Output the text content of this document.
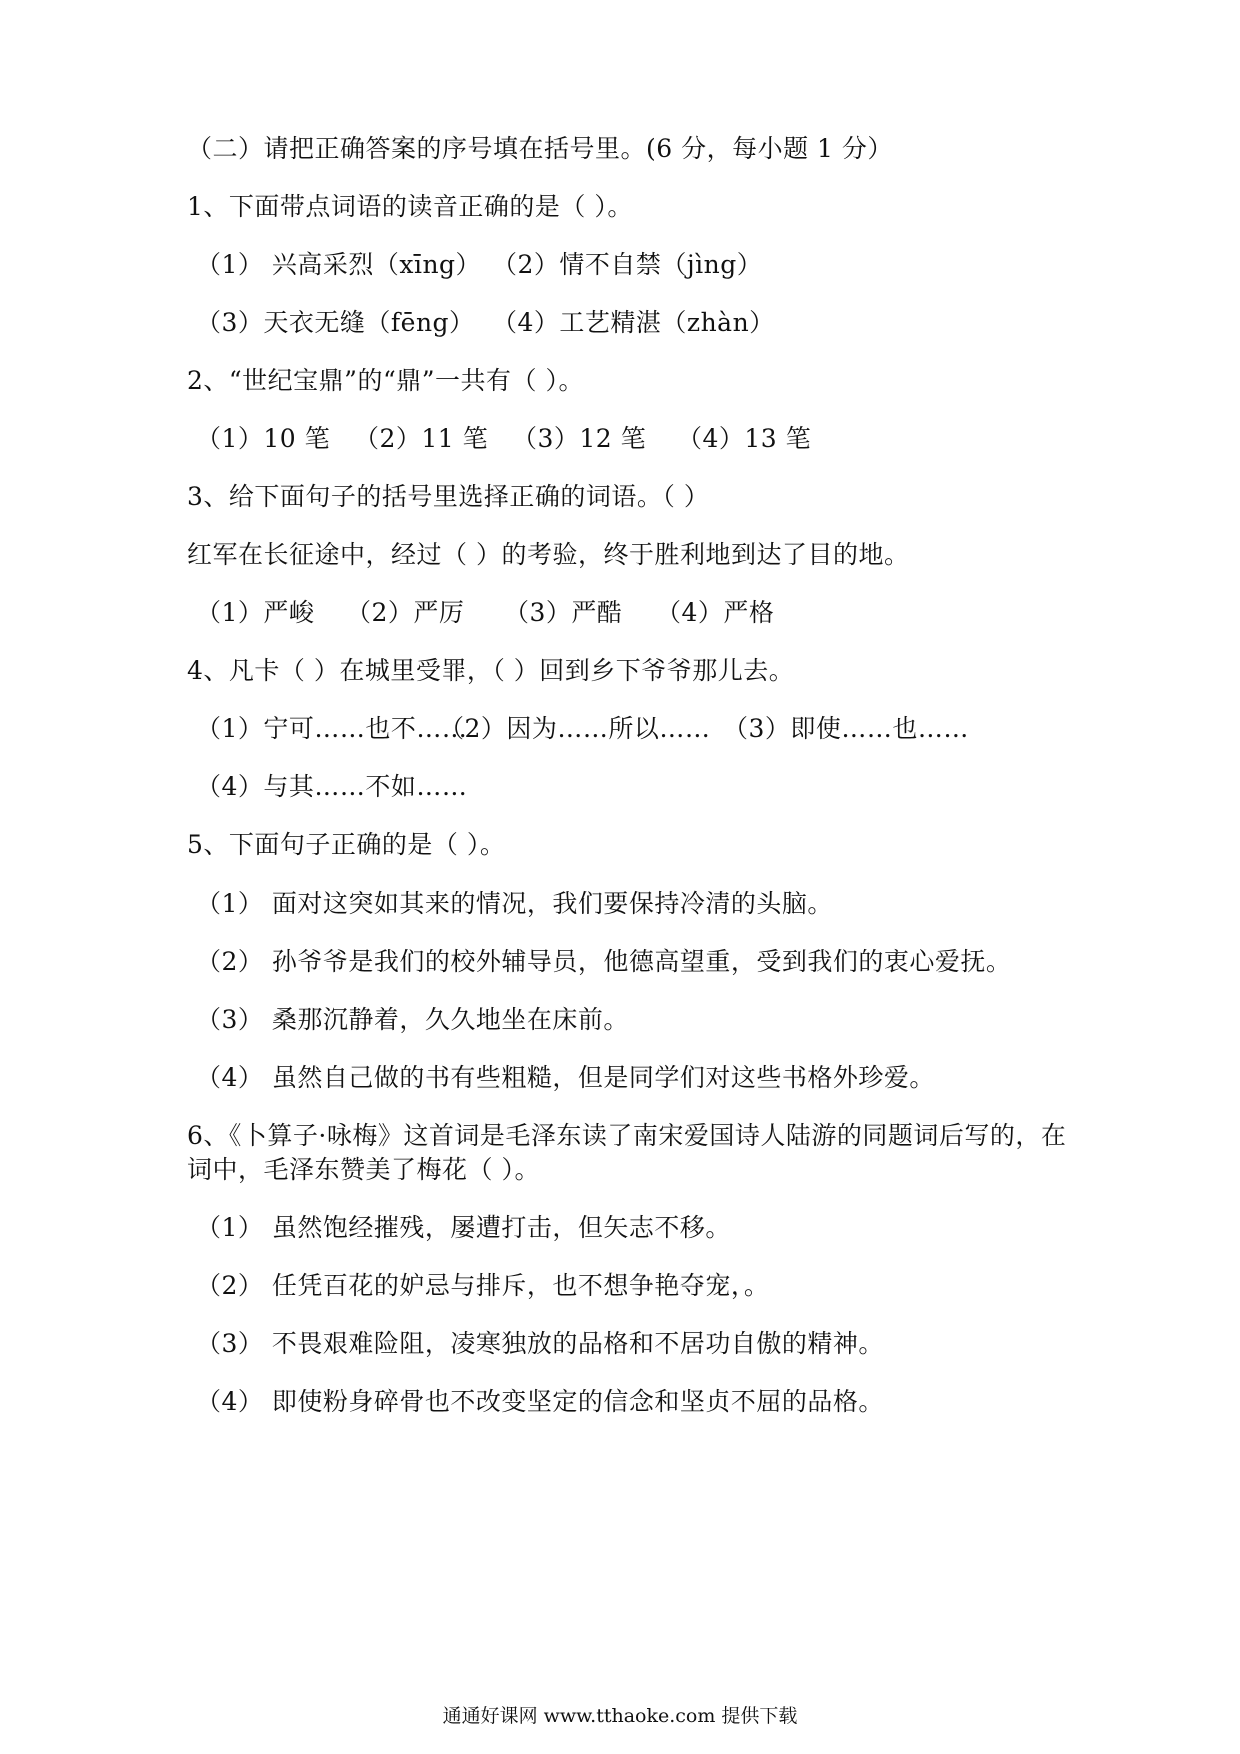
（二）请把正确答案的序号填在括号里。(6 分，每小题 1 分）
1、下面带点词语的读音正确的是（ ）。
（1） 兴高采烈（xīng） （2）情不自禁（jìng）
（3）天衣无缝（fēng） （4）工艺精湛（zhàn）
2、“世纪宝鼎”的“鼎”一共有（ ）。
（1）10 笔 （2）11 笔 （3）12 笔 （4）13 笔
3、给下面句子的括号里选择正确的词语。（ ）
红军在长征途中，经过（ ）的考验，终于胜利地到达了目的地。
（1）严峻 （2）严厉 （3）严酷 （4）严格
4、凡卡（ ）在城里受罪，（ ）回到乡下爷爷那儿去。
（1）宁可……也不……（2）因为……所以…… （3）即使……也……
（4）与其……不如……
5、下面句子正确的是（ ）。
（1） 面对这突如其来的情况，我们要保持冷清的头脑。
（2） 孙爷爷是我们的校外辅导员，他德高望重，受到我们的衷心爱抚。
（3） 桑那沉静着，久久地坐在床前。
（4） 虽然自己做的书有些粗糙，但是同学们对这些书格外珍爱。
6、《卜算子·咏梅》这首词是毛泽东读了南宋爱国诗人陆游的同题词后写的，在
词中，毛泽东赞美了梅花（ ）。
（1） 虽然饱经摧残，屡遭打击，但矢志不移。
（2） 任凭百花的妒忌与排斥，也不想争艳夺宠，。
（3） 不畏艰难险阻，凌寒独放的品格和不居功自傲的精神。
（4） 即使粉身碎骨也不改变坚定的信念和坚贞不屈的品格。
通通好课网 www.tthaoke.com 提供下载
